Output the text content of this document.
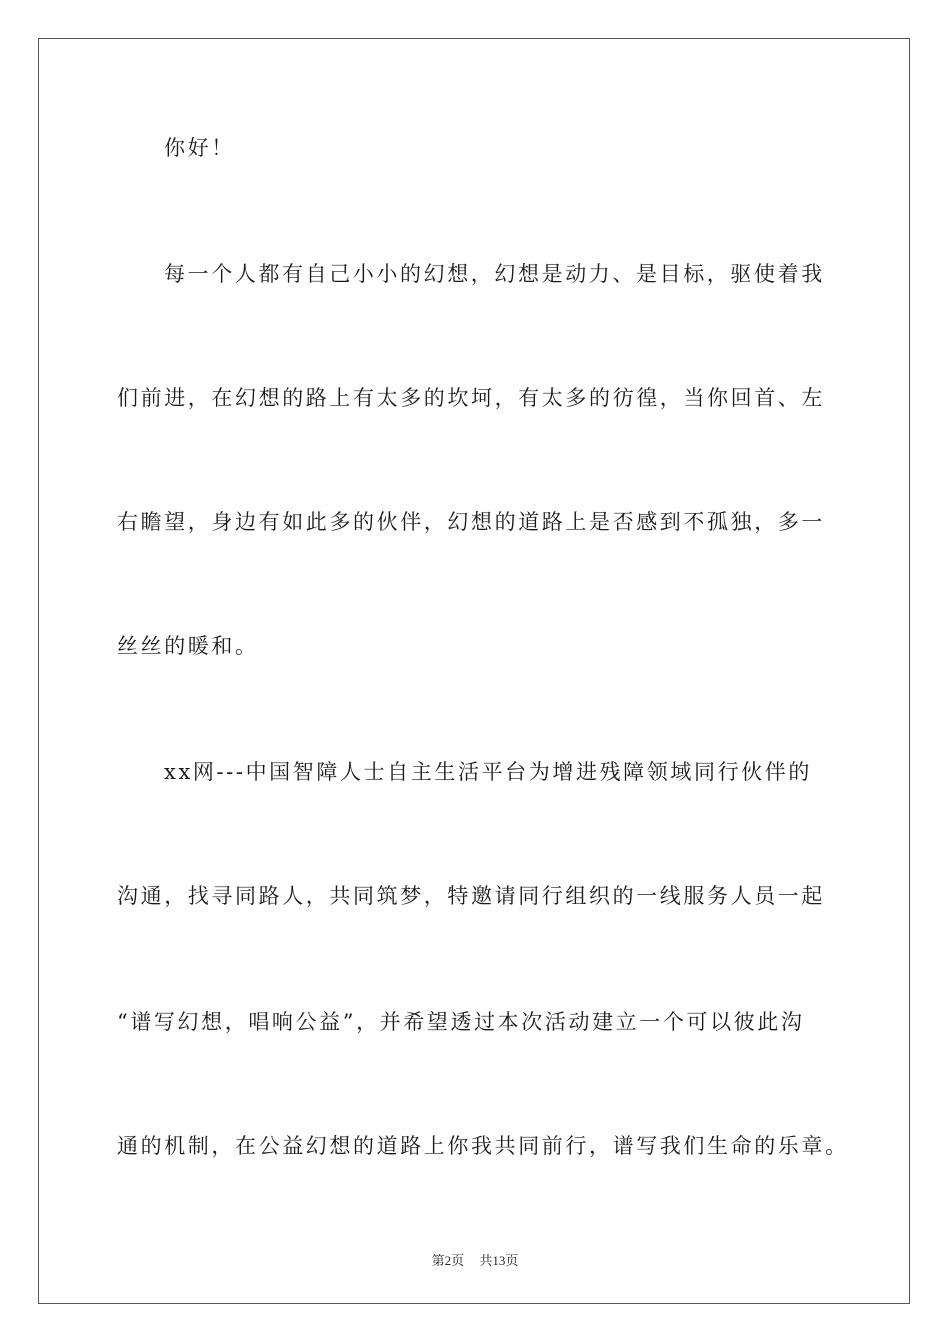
你好！
每一个人都有自己小小的幻想，幻想是动力、是目标，驱使着我
们前进，在幻想的路上有太多的坎坷，有太多的彷徨，当你回首、左
右瞻望，身边有如此多的伙伴，幻想的道路上是否感到不孤独，多一
丝丝的暖和。
xx网---中国智障人士自主生活平台为增进残障领域同行伙伴的
沟通，找寻同路人，共同筑梦，特邀请同行组织的一线服务人员一起
“谱写幻想，唱响公益”，并希望透过本次活动建立一个可以彼此沟
通的机制，在公益幻想的道路上你我共同前行，谱写我们生命的乐章。
第2页 共13页
